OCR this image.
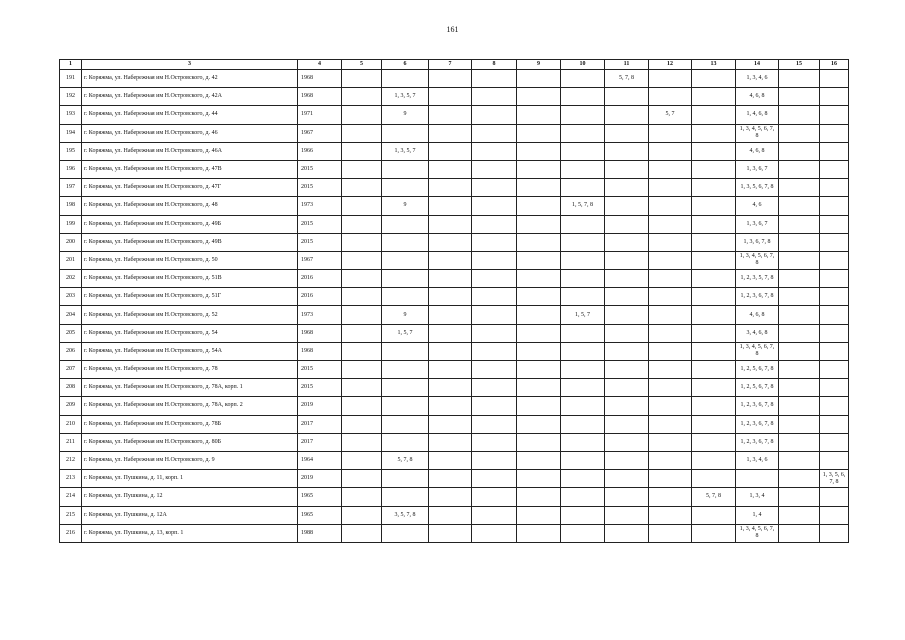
161
1	3	4	5	6	7	8	9	10	11	12	13	14	15	16
191	г. Коряжма, ул. Набережная им Н.Островского, д. 42	1968							5, 7, 8			1, 3, 4, 6		
192	г. Коряжма, ул. Набережная им Н.Островского, д. 42А	1968		1, 3, 5, 7								4, 6, 8		
193	г. Коряжма, ул. Набережная им Н.Островского, д. 44	1971		9						5, 7		1, 4, 6, 8		
194	г. Коряжма, ул. Набережная им Н.Островского, д. 46	1967										1, 3, 4, 5, 6, 7, 8		
195	г. Коряжма, ул. Набережная им Н.Островского, д. 46А	1966		1, 3, 5, 7								4, 6, 8		
196	г. Коряжма, ул. Набережная им Н.Островского, д. 47В	2015										1, 3, 6, 7		
197	г. Коряжма, ул. Набережная им Н.Островского, д. 47Г	2015										1, 3, 5, 6, 7, 8		
198	г. Коряжма, ул. Набережная им Н.Островского, д. 48	1973		9				1, 5, 7, 8				4, 6		
199	г. Коряжма, ул. Набережная им Н.Островского, д. 49Б	2015										1, 3, 6, 7		
200	г. Коряжма, ул. Набережная им Н.Островского, д. 49В	2015										1, 3, 6, 7, 8		
201	г. Коряжма, ул. Набережная им Н.Островского, д. 50	1967										1, 3, 4, 5, 6, 7, 8		
202	г. Коряжма, ул. Набережная им Н.Островского, д. 51В	2016										1, 2, 3, 5, 7, 8		
203	г. Коряжма, ул. Набережная им Н.Островского, д. 51Г	2016										1, 2, 3, 6, 7, 8		
204	г. Коряжма, ул. Набережная им Н.Островского, д. 52	1973		9				1, 5, 7				4, 6, 8		
205	г. Коряжма, ул. Набережная им Н.Островского, д. 54	1968		1, 5, 7								3, 4, 6, 8		
206	г. Коряжма, ул. Набережная им Н.Островского, д. 54А	1968										1, 3, 4, 5, 6, 7, 8		
207	г. Коряжма, ул. Набережная им Н.Островского, д. 78	2015										1, 2, 5, 6, 7, 8		
208	г. Коряжма, ул. Набережная им Н.Островского, д. 78А, корп. 1	2015										1, 2, 5, 6, 7, 8		
209	г. Коряжма, ул. Набережная им Н.Островского, д. 78А, корп. 2	2019										1, 2, 3, 6, 7, 8		
210	г. Коряжма, ул. Набережная им Н.Островского, д. 78Б	2017										1, 2, 3, 6, 7, 8		
211	г. Коряжма, ул. Набережная им Н.Островского, д. 80Б	2017										1, 2, 3, 6, 7, 8		
212	г. Коряжма, ул. Набережная им Н.Островского, д. 9	1964		5, 7, 8								1, 3, 4, 6		
213	г. Коряжма, ул. Пушкина, д. 11, корп. 1	2019												1, 3, 5, 6, 7, 8
214	г. Коряжма, ул. Пушкина, д. 12	1965									5, 7, 8	1, 3, 4		
215	г. Коряжма, ул. Пушкина, д. 12А	1965		3, 5, 7, 8								1, 4		
216	г. Коряжма, ул. Пушкина, д. 13, корп. 1	1988										1, 3, 4, 5, 6, 7, 8		
